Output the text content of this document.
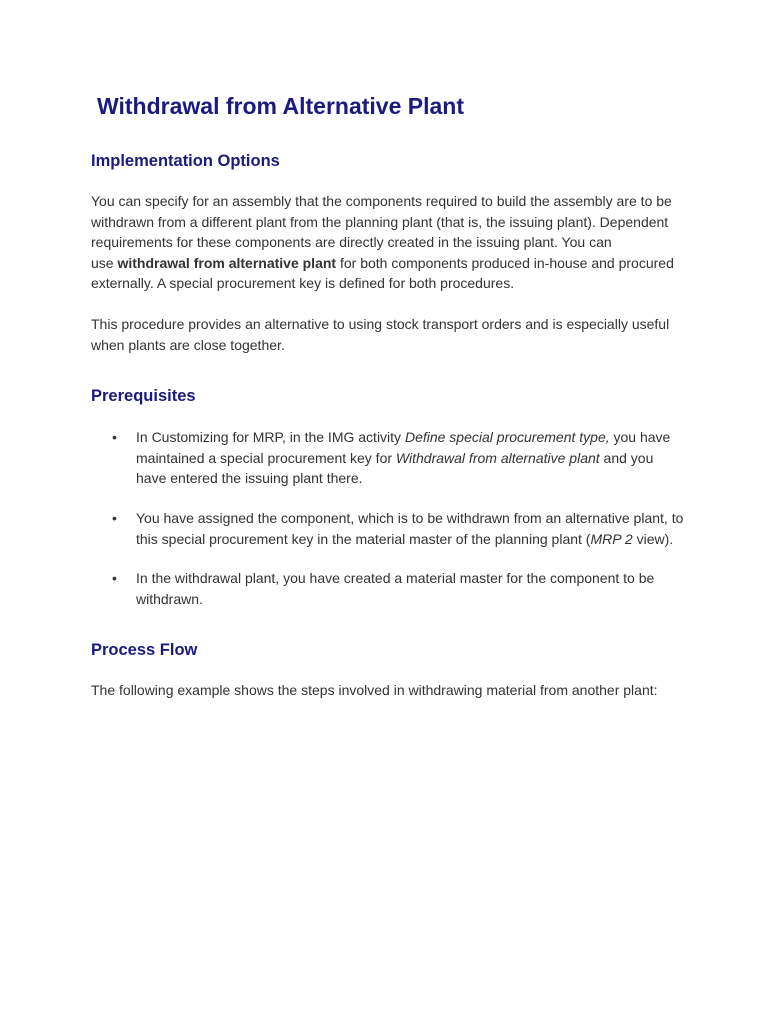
Withdrawal from Alternative Plant
Implementation Options

You can specify for an assembly that the components required to build the assembly are to be
withdrawn from a different plant from the planning plant (that is, the issuing plant). Dependent
requirements for these components are directly created in the issuing plant. You can
use withdrawal from alternative plant for both components produced in-house and procured
externally. A special procurement key is defined for both procedures.

This procedure provides an alternative to using stock transport orders and is especially useful
when plants are close together.

Prerequisites
• In Customizing for MRP, in the IMG activity Define special procurement type, you have
maintained a special procurement key for Withdrawal from alternative plant and you
have entered the issuing plant there.
• You have assigned the component, which is to be withdrawn from an alternative plant, to
this special procurement key in the material master of the planning plant (MRP 2 view).
• In the withdrawal plant, you have created a material master for the component to be
withdrawn.
Process Flow

The following example shows the steps involved in withdrawing material from another plant:
